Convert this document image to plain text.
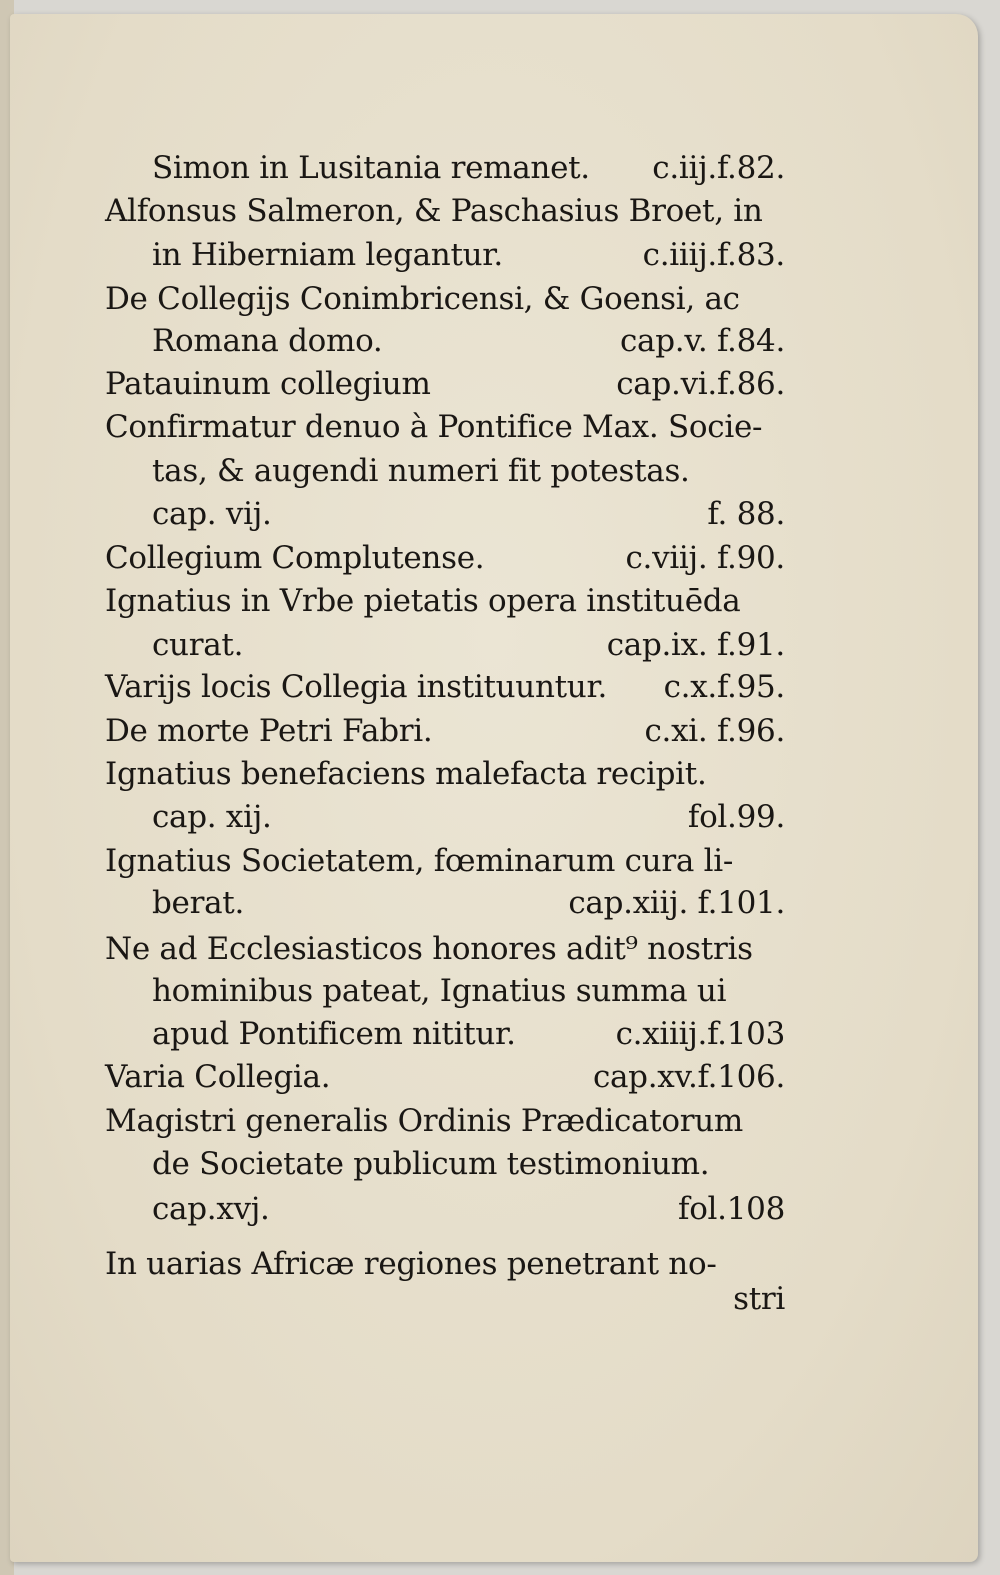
Simon in Lusitania remanet. c.iij.f.82.
Alfonsus Salmeron, & Paschasius Broet, in
in Hiberniam legantur.	c.iiij.f.83.
De Collegijs Conimbricensi, & Goensi, ac
Romana domo.	cap.v. f.84.
Patauinum collegium	cap.vi.f.86.
Confirmatur denuo à Pontifice Max. Socie-
tas, & augendi numeri fit potestas.
cap. vij.	f. 88.
Collegium Complutense.	c.viij. f.90.
Ignatius in Vrbe pietatis opera instituēda
curat.	cap.ix. f.91.
Varijs locis Collegia instituuntur. c.x.f.95.
De morte Petri Fabri.	c.xi. f.96.
Ignatius benefaciens malefacta recipit.
cap. xij.	fol.99.
Ignatius Societatem, fœminarum cura li-
berat.	cap.xiij. f.101.
Ne ad Ecclesiasticos honores adit⁹ nostris
hominibus pateat, Ignatius summa ui
apud Pontificem nititur.	c.xiiij.f.103
Varia Collegia.	cap.xv.f.106.
Magistri generalis Ordinis Prædicatorum
de Societate publicum testimonium.
cap.xvj.	fol.108
In uarias Africæ regiones penetrant no-
stri
